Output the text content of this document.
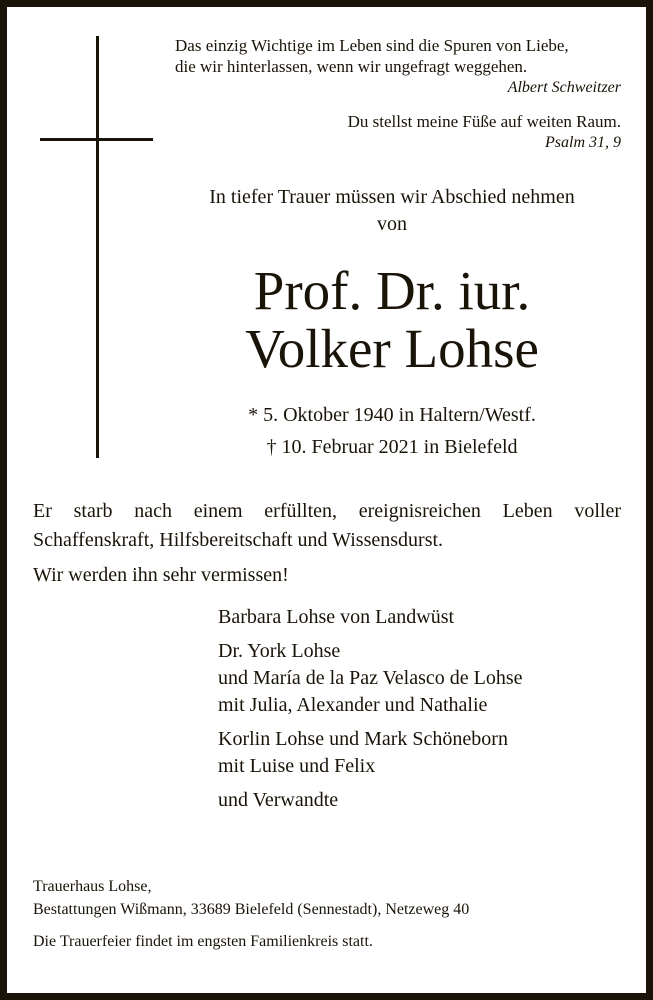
Das einzig Wichtige im Leben sind die Spuren von Liebe,
die wir hinterlassen, wenn wir ungefragt weggehen.
Albert Schweitzer
Du stellst meine Füße auf weiten Raum.
Psalm 31, 9
In tiefer Trauer müssen wir Abschied nehmen
von
Prof. Dr. iur.
Volker Lohse
* 5. Oktober 1940 in Haltern/Westf.
† 10. Februar 2021 in Bielefeld
Er starb nach einem erfüllten, ereignisreichen Leben voller Schaffenskraft, Hilfsbereitschaft und Wissensdurst.
Wir werden ihn sehr vermissen!
Barbara Lohse von Landwüst
Dr. York Lohse
und María de la Paz Velasco de Lohse
mit Julia, Alexander und Nathalie
Korlin Lohse und Mark Schöneborn
mit Luise und Felix
und Verwandte
Trauerhaus Lohse,
Bestattungen Wißmann, 33689 Bielefeld (Sennestadt), Netzeweg 40
Die Trauerfeier findet im engsten Familienkreis statt.
